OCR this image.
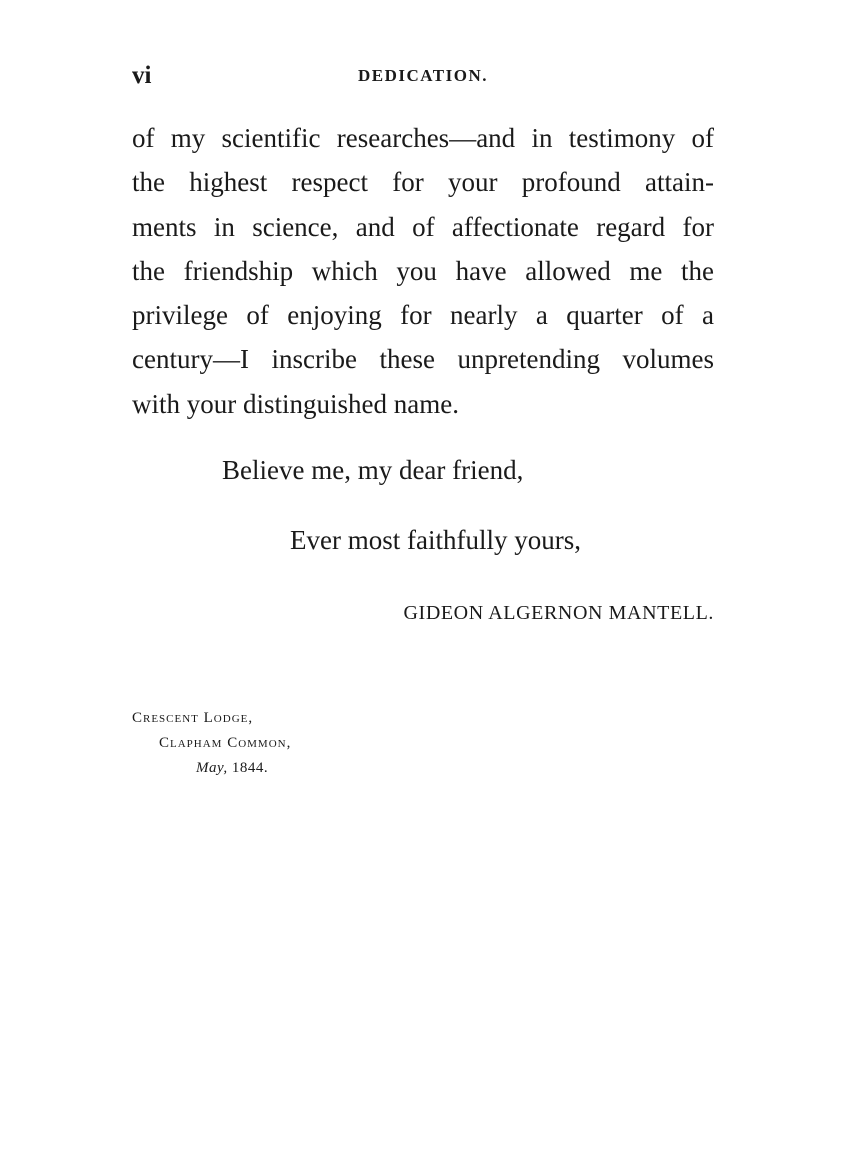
vi	DEDICATION.
of my scientific researches—and in testimony of
the highest respect for your profound attain-
ments in science, and of affectionate regard for
the friendship which you have allowed me the
privilege of enjoying for nearly a quarter of a
century—I inscribe these unpretending volumes
with your distinguished name.
Believe me, my dear friend,
Ever most faithfully yours,
GIDEON ALGERNON MANTELL.
Crescent Lodge,
Clapham Common,
May, 1844.
